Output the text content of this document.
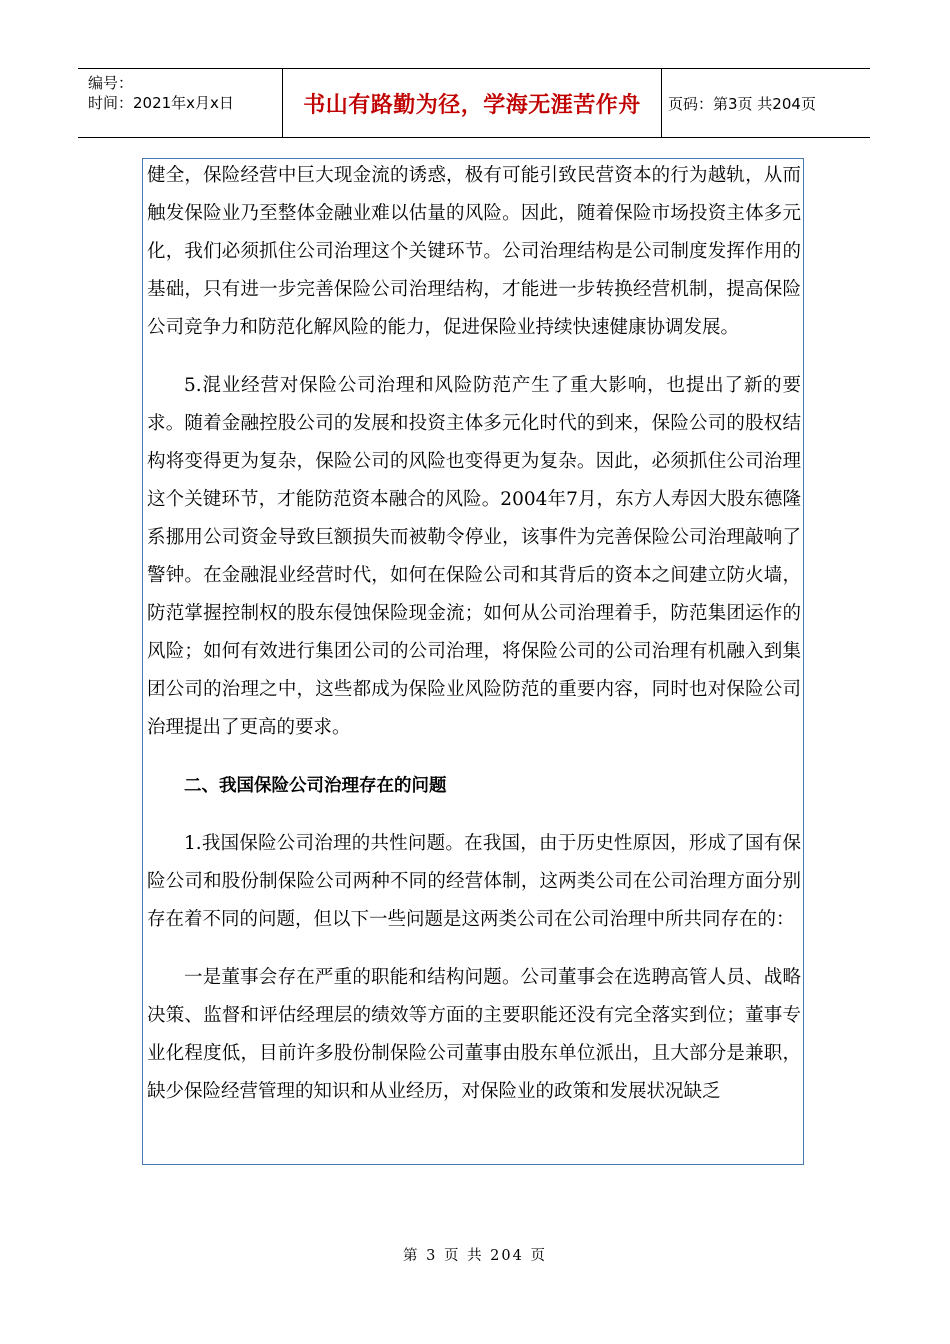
编号：
时间：2021年x月x日	书山有路勤为径，学海无涯苦作舟 页码：第3页 共204页

健全，保险经营中巨大现金流的诱惑，极有可能引致民营资本的行为越轨，从而触发保险业乃至整体金融业难以估量的风险。因此，随着保险市场投资主体多元化，我们必须抓住公司治理这个关键环节。公司治理结构是公司制度发挥作用的基础，只有进一步完善保险公司治理结构，才能进一步转换经营机制，提高保险公司竞争力和防范化解风险的能力，促进保险业持续快速健康协调发展。

5.混业经营对保险公司治理和风险防范产生了重大影响，也提出了新的要求。随着金融控股公司的发展和投资主体多元化时代的到来，保险公司的股权结构将变得更为复杂，保险公司的风险也变得更为复杂。因此，必须抓住公司治理这个关键环节，才能防范资本融合的风险。2004年7月，东方人寿因大股东德隆系挪用公司资金导致巨额损失而被勒令停业，该事件为完善保险公司治理敲响了警钟。在金融混业经营时代，如何在保险公司和其背后的资本之间建立防火墙，防范掌握控制权的股东侵蚀保险现金流；如何从公司治理着手，防范集团运作的风险；如何有效进行集团公司的公司治理，将保险公司的公司治理有机融入到集团公司的治理之中，这些都成为保险业风险防范的重要内容，同时也对保险公司治理提出了更高的要求。

二、我国保险公司治理存在的问题

1.我国保险公司治理的共性问题。在我国，由于历史性原因，形成了国有保险公司和股份制保险公司两种不同的经营体制，这两类公司在公司治理方面分别存在着不同的问题，但以下一些问题是这两类公司在公司治理中所共同存在的：

一是董事会存在严重的职能和结构问题。公司董事会在选聘高管人员、战略决策、监督和评估经理层的绩效等方面的主要职能还没有完全落实到位；董事专业化程度低，目前许多股份制保险公司董事由股东单位派出，且大部分是兼职，缺少保险经营管理的知识和从业经历，对保险业的政策和发展状况缺乏

第 3 页 共 204 页
